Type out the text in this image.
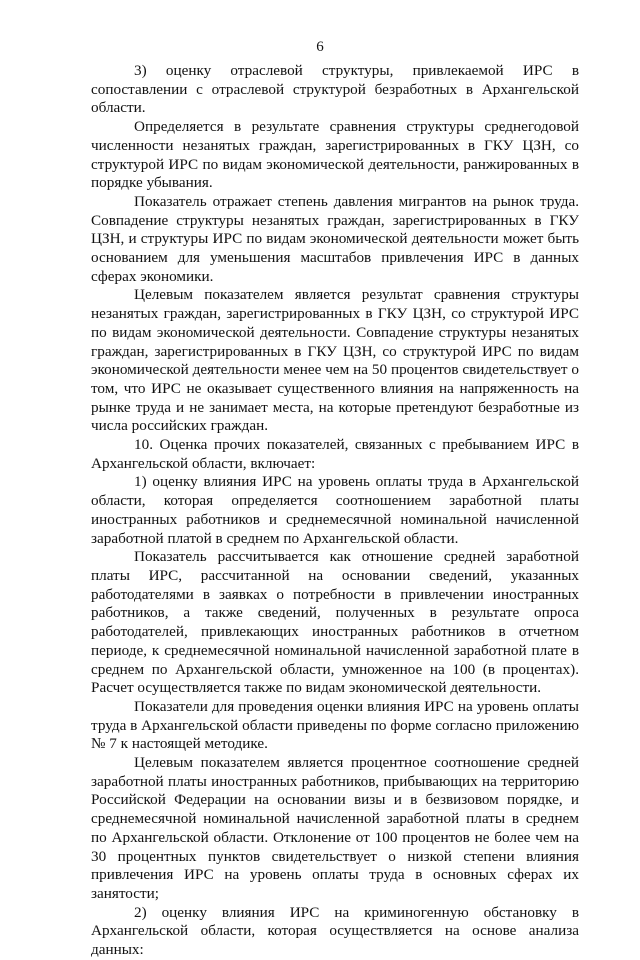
6

3) оценку отраслевой структуры, привлекаемой ИРС в сопоставлении с отраслевой структурой безработных в Архангельской области.

Определяется в результате сравнения структуры среднегодовой численности незанятых граждан, зарегистрированных в ГКУ ЦЗН, со структурой ИРС по видам экономической деятельности, ранжированных в порядке убывания.

Показатель отражает степень давления мигрантов на рынок труда. Совпадение структуры незанятых граждан, зарегистрированных в ГКУ ЦЗН, и структуры ИРС по видам экономической деятельности может быть основанием для уменьшения масштабов привлечения ИРС в данных сферах экономики.

Целевым показателем является результат сравнения структуры незанятых граждан, зарегистрированных в ГКУ ЦЗН, со структурой ИРС по видам экономической деятельности. Совпадение структуры незанятых граждан, зарегистрированных в ГКУ ЦЗН, со структурой ИРС по видам экономической деятельности менее чем на 50 процентов свидетельствует о том, что ИРС не оказывает существенного влияния на напряженность на рынке труда и не занимает места, на которые претендуют безработные из числа российских граждан.

10. Оценка прочих показателей, связанных с пребыванием ИРС в Архангельской области, включает:

1) оценку влияния ИРС на уровень оплаты труда в Архангельской области, которая определяется соотношением заработной платы иностранных работников и среднемесячной номинальной начисленной заработной платой в среднем по Архангельской области.

Показатель рассчитывается как отношение средней заработной платы ИРС, рассчитанной на основании сведений, указанных работодателями в заявках о потребности в привлечении иностранных работников, а также сведений, полученных в результате опроса работодателей, привлекающих иностранных работников в отчетном периоде, к среднемесячной номинальной начисленной заработной плате в среднем по Архангельской области, умноженное на 100 (в процентах). Расчет осуществляется также по видам экономической деятельности.

Показатели для проведения оценки влияния ИРС на уровень оплаты труда в Архангельской области приведены по форме согласно приложению № 7 к настоящей методике.

Целевым показателем является процентное соотношение средней заработной платы иностранных работников, прибывающих на территорию Российской Федерации на основании визы и в безвизовом порядке, и среднемесячной номинальной начисленной заработной платы в среднем по Архангельской области. Отклонение от 100 процентов не более чем на 30 процентных пунктов свидетельствует о низкой степени влияния привлечения ИРС на уровень оплаты труда в основных сферах их занятости;

2) оценку влияния ИРС на криминогенную обстановку в Архангельской области, которая осуществляется на основе анализа данных:
